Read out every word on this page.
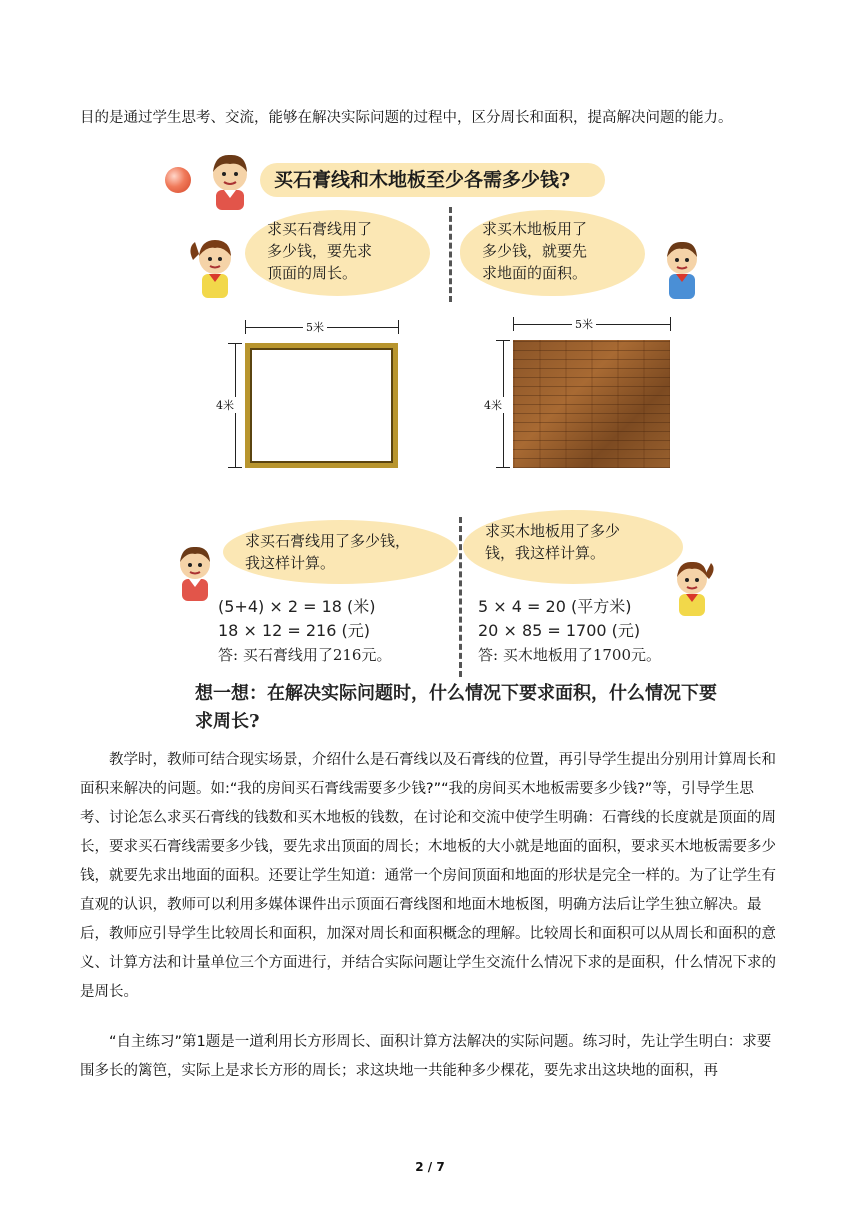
目的是通过学生思考、交流，能够在解决实际问题的过程中，区分周长和面积，提高解决问题的能力。

买石膏线和木地板至少各需多少钱?
求买石膏线用了
多少钱，要先求
顶面的周长。
求买木地板用了
多少钱，就要先
求地面的面积。
5米
4米
5米
4米
求买石膏线用了多少钱，
我这样计算。
求买木地板用了多少
钱，我这样计算。
(5+4) × 2 = 18 (米)
18 × 12 = 216 (元)
答: 买石膏线用了216元。
5 × 4 = 20 (平方米)
20 × 85 = 1700 (元)
答: 买木地板用了1700元。
想一想：在解决实际问题时，什么情况下要求面积，什么情况下要求周长?

教学时，教师可结合现实场景，介绍什么是石膏线以及石膏线的位置，再引导学生提出分别用计算周长和面积来解决的问题。如:“我的房间买石膏线需要多少钱?”“我的房间买木地板需要多少钱?”等，引导学生思考、讨论怎么求买石膏线的钱数和买木地板的钱数，在讨论和交流中使学生明确：石膏线的长度就是顶面的周长，要求买石膏线需要多少钱，要先求出顶面的周长；木地板的大小就是地面的面积，要求买木地板需要多少钱，就要先求出地面的面积。还要让学生知道：通常一个房间顶面和地面的形状是完全一样的。为了让学生有直观的认识，教师可以利用多媒体课件出示顶面石膏线图和地面木地板图，明确方法后让学生独立解决。最后，教师应引导学生比较周长和面积，加深对周长和面积概念的理解。比较周长和面积可以从周长和面积的意义、计算方法和计量单位三个方面进行，并结合实际问题让学生交流什么情况下求的是面积，什么情况下求的是周长。

“自主练习”第1题是一道利用长方形周长、面积计算方法解决的实际问题。练习时，先让学生明白：求要围多长的篱笆，实际上是求长方形的周长；求这块地一共能种多少棵花，要先求出这块地的面积，再

2 / 7
